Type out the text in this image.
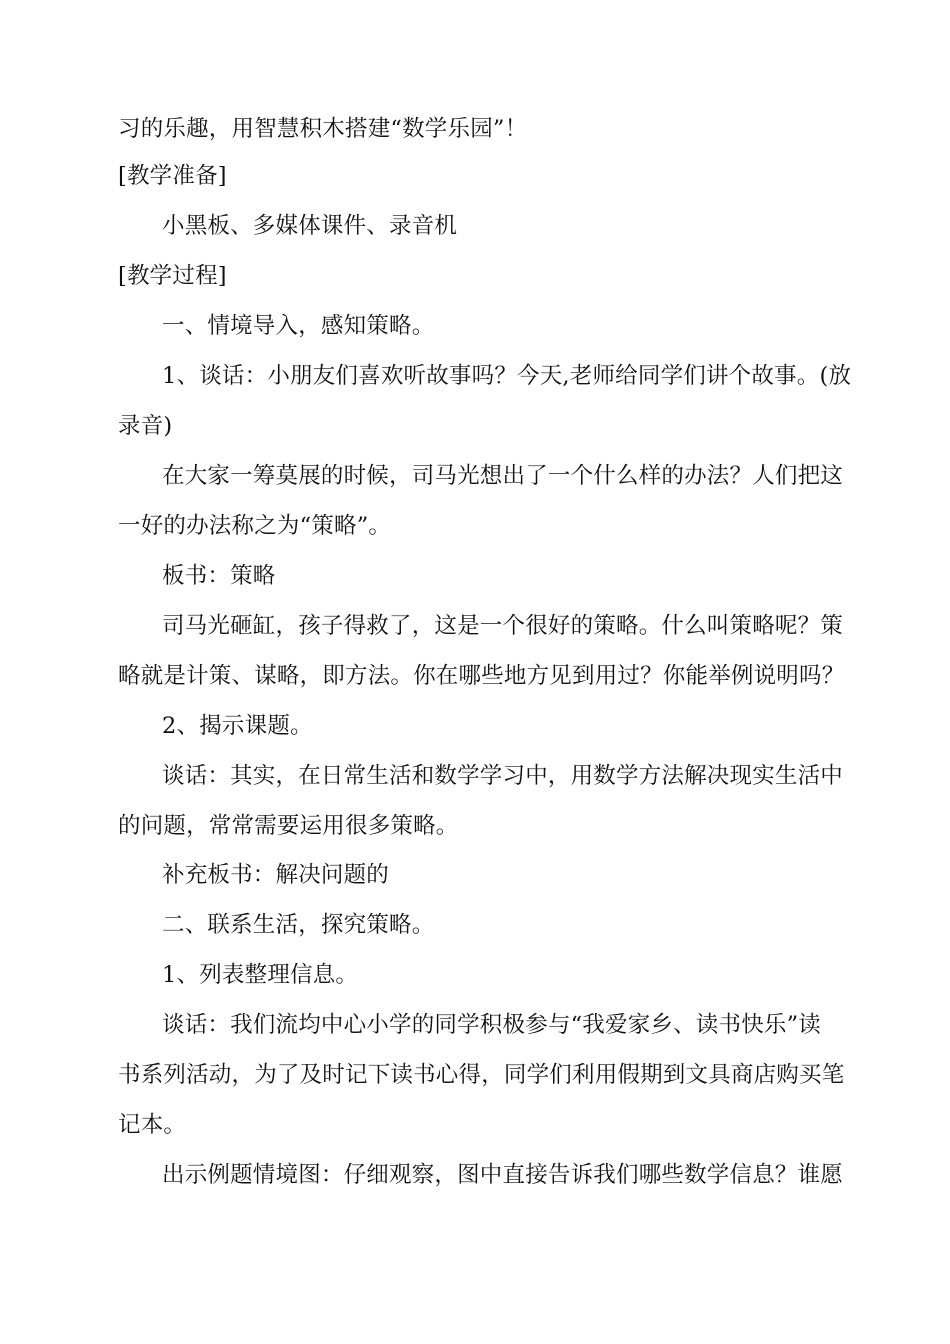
习的乐趣，用智慧积木搭建“数学乐园”！
[教学准备]
小黑板、多媒体课件、录音机
[教学过程]
一、情境导入，感知策略。
1、谈话：小朋友们喜欢听故事吗？今天,老师给同学们讲个故事。(放
录音)
在大家一筹莫展的时候，司马光想出了一个什么样的办法？人们把这
一好的办法称之为“策略”。
板书：策略
司马光砸缸，孩子得救了，这是一个很好的策略。什么叫策略呢？策
略就是计策、谋略，即方法。你在哪些地方见到用过？你能举例说明吗？
2、揭示课题。
谈话：其实，在日常生活和数学学习中，用数学方法解决现实生活中
的问题，常常需要运用很多策略。
补充板书：解决问题的
二、联系生活，探究策略。
1、列表整理信息。
谈话：我们流均中心小学的同学积极参与“我爱家乡、读书快乐”读
书系列活动，为了及时记下读书心得，同学们利用假期到文具商店购买笔
记本。
出示例题情境图：仔细观察，图中直接告诉我们哪些数学信息？谁愿
